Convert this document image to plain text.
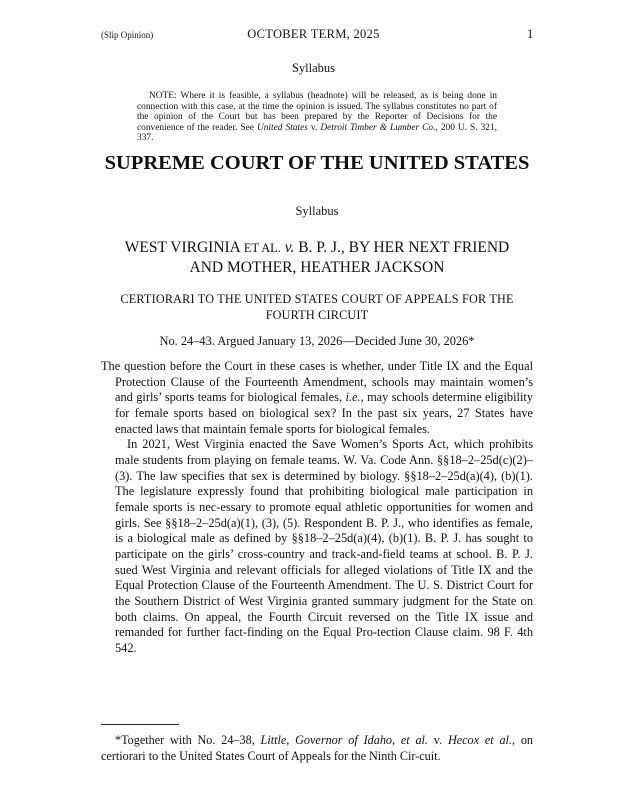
(Slip Opinion)	OCTOBER TERM, 2025	1
Syllabus

NOTE: Where it is feasible, a syllabus (headnote) will be released, as is being done in connection with this case, at the time the opinion is issued. The syllabus constitutes no part of the opinion of the Court but has been prepared by the Reporter of Decisions for the convenience of the reader. See United States v. Detroit Timber & Lumber Co., 200 U. S. 321, 337.

SUPREME COURT OF THE UNITED STATES
Syllabus
WEST VIRGINIA ET AL. v. B. P. J., BY HER NEXT FRIEND AND MOTHER, HEATHER JACKSON
CERTIORARI TO THE UNITED STATES COURT OF APPEALS FOR THE FOURTH CIRCUIT
No. 24–43. Argued January 13, 2026—Decided June 30, 2026*

The question before the Court in these cases is whether, under Title IX and the Equal Protection Clause of the Fourteenth Amendment, schools may maintain women’s and girls’ sports teams for biological females, i.e., may schools determine eligibility for female sports based on biological sex? In the past six years, 27 States have enacted laws that maintain female sports for biological females.

In 2021, West Virginia enacted the Save Women’s Sports Act, which prohibits male students from playing on female teams. W. Va. Code Ann. §§18–2–25d(c)(2)–(3). The law specifies that sex is determined by biology. §§18–2–25d(a)(4), (b)(1). The legislature expressly found that prohibiting biological male participation in female sports is nec-essary to promote equal athletic opportunities for women and girls. See §§18–2–25d(a)(1), (3), (5). Respondent B. P. J., who identifies as female, is a biological male as defined by §§18–2–25d(a)(4), (b)(1). B. P. J. has sought to participate on the girls’ cross-country and track-and-field teams at school. B. P. J. sued West Virginia and relevant officials for alleged violations of Title IX and the Equal Protection Clause of the Fourteenth Amendment. The U. S. District Court for the Southern District of West Virginia granted summary judgment for the State on both claims. On appeal, the Fourth Circuit reversed on the Title IX issue and remanded for further fact-finding on the Equal Pro-tection Clause claim. 98 F. 4th 542.

*Together with No. 24–38, Little, Governor of Idaho, et al. v. Hecox et al., on certiorari to the United States Court of Appeals for the Ninth Cir-cuit.
